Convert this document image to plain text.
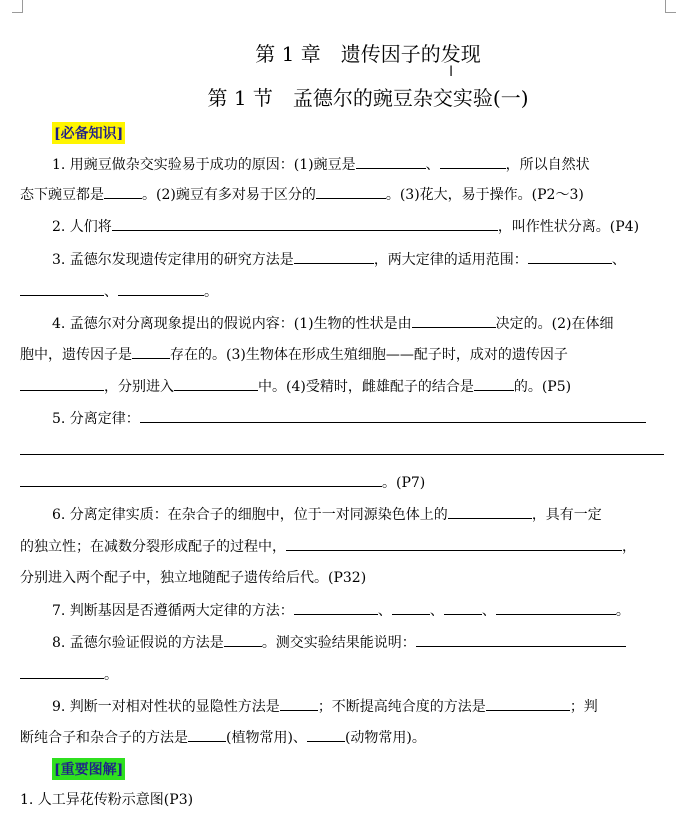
I
第 1 章　遗传因子的发现
第 1 节　孟德尔的豌豆杂交实验(一)
[必备知识]
1. 用豌豆做杂交实验易于成功的原因：(1)豌豆是	、	，所以自然状
态下豌豆都是	。(2)豌豆有多对易于区分的	。(3)花大，易于操作。(P2～3)
2. 人们将	，叫作性状分离。(P4)
3. 孟德尔发现遗传定律用的研究方法是	，两大定律的适用范围：	、
、	。
4. 孟德尔对分离现象提出的假说内容：(1)生物的性状是由	决定的。(2)在体细
胞中，遗传因子是	存在的。(3)生物体在形成生殖细胞——配子时，成对的遗传因子
，分别进入	中。(4)受精时，雌雄配子的结合是	的。(P5)
5. 分离定律：
。(P7)
6. 分离定律实质：在杂合子的细胞中，位于一对同源染色体上的	，具有一定
的独立性；在减数分裂形成配子的过程中，	，
分别进入两个配子中，独立地随配子遗传给后代。(P32)
7. 判断基因是否遵循两大定律的方法：	、	、	、	。
8. 孟德尔验证假说的方法是	。测交实验结果能说明：
。
9. 判断一对相对性状的显隐性方法是	；不断提高纯合度的方法是	；判
断纯合子和杂合子的方法是	(植物常用)、	(动物常用)。
[重要图解]
1. 人工异花传粉示意图(P3)
